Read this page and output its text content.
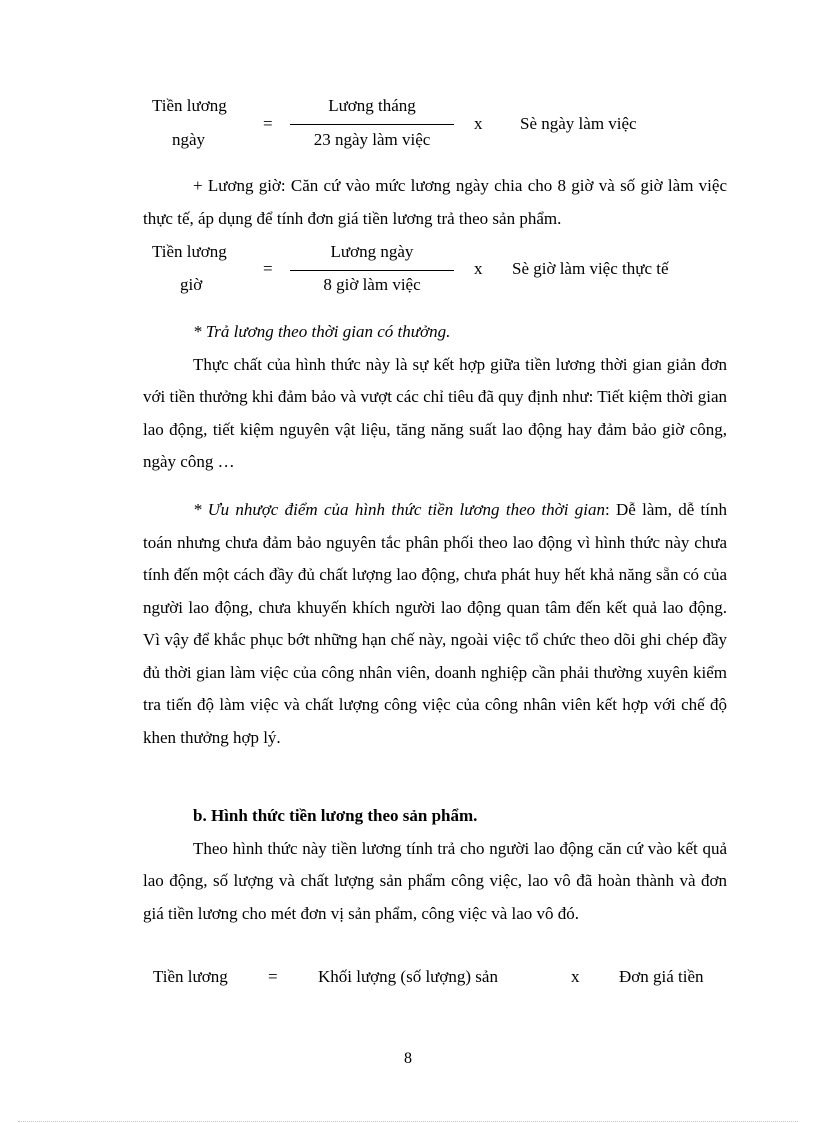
Tiền lương
ngày
=
Lương tháng
23 ngày làm việc
x Sè ngày làm việc

+ Lương giờ: Căn cứ vào mức lương ngày chia cho 8 giờ và số giờ làm việc thực tế, áp dụng để tính đơn giá tiền lương trả theo sản phẩm.

Tiền lương
giờ
=
Lương ngày
8 giờ làm việc
x Sè giờ làm việc thực tế

* Trả lương theo thời gian có thưởng.

Thực chất của hình thức này là sự kết hợp giữa tiền lương thời gian giản đơn với tiền thưởng khi đảm bảo và vượt các chỉ tiêu đã quy định như: Tiết kiệm thời gian lao động, tiết kiệm nguyên vật liệu, tăng năng suất lao động hay đảm bảo giờ công, ngày công …

* Ưu nhược điểm của hình thức tiền lương theo thời gian: Dễ làm, dễ tính toán nhưng chưa đảm bảo nguyên tắc phân phối theo lao động vì hình thức này chưa tính đến một cách đầy đủ chất lượng lao động, chưa phát huy hết khả năng sẵn có của người lao động, chưa khuyến khích người lao động quan tâm đến kết quả lao động. Vì vậy để khắc phục bớt những hạn chế này, ngoài việc tổ chức theo dõi ghi chép đầy đủ thời gian làm việc của công nhân viên, doanh nghiệp cần phải thường xuyên kiểm tra tiến độ làm việc và chất lượng công việc của công nhân viên kết hợp với chế độ khen thưởng hợp lý.

b. Hình thức tiền lương theo sản phẩm.

Theo hình thức này tiền lương tính trả cho người lao động căn cứ vào kết quả lao động, số lượng và chất lượng sản phẩm công việc, lao vô đã hoàn thành và đơn giá tiền lương cho mét đơn vị sản phẩm, công việc và lao vô đó.

Tiền lương = Khối lượng (số lượng) sản	x Đơn giá tiền
8
